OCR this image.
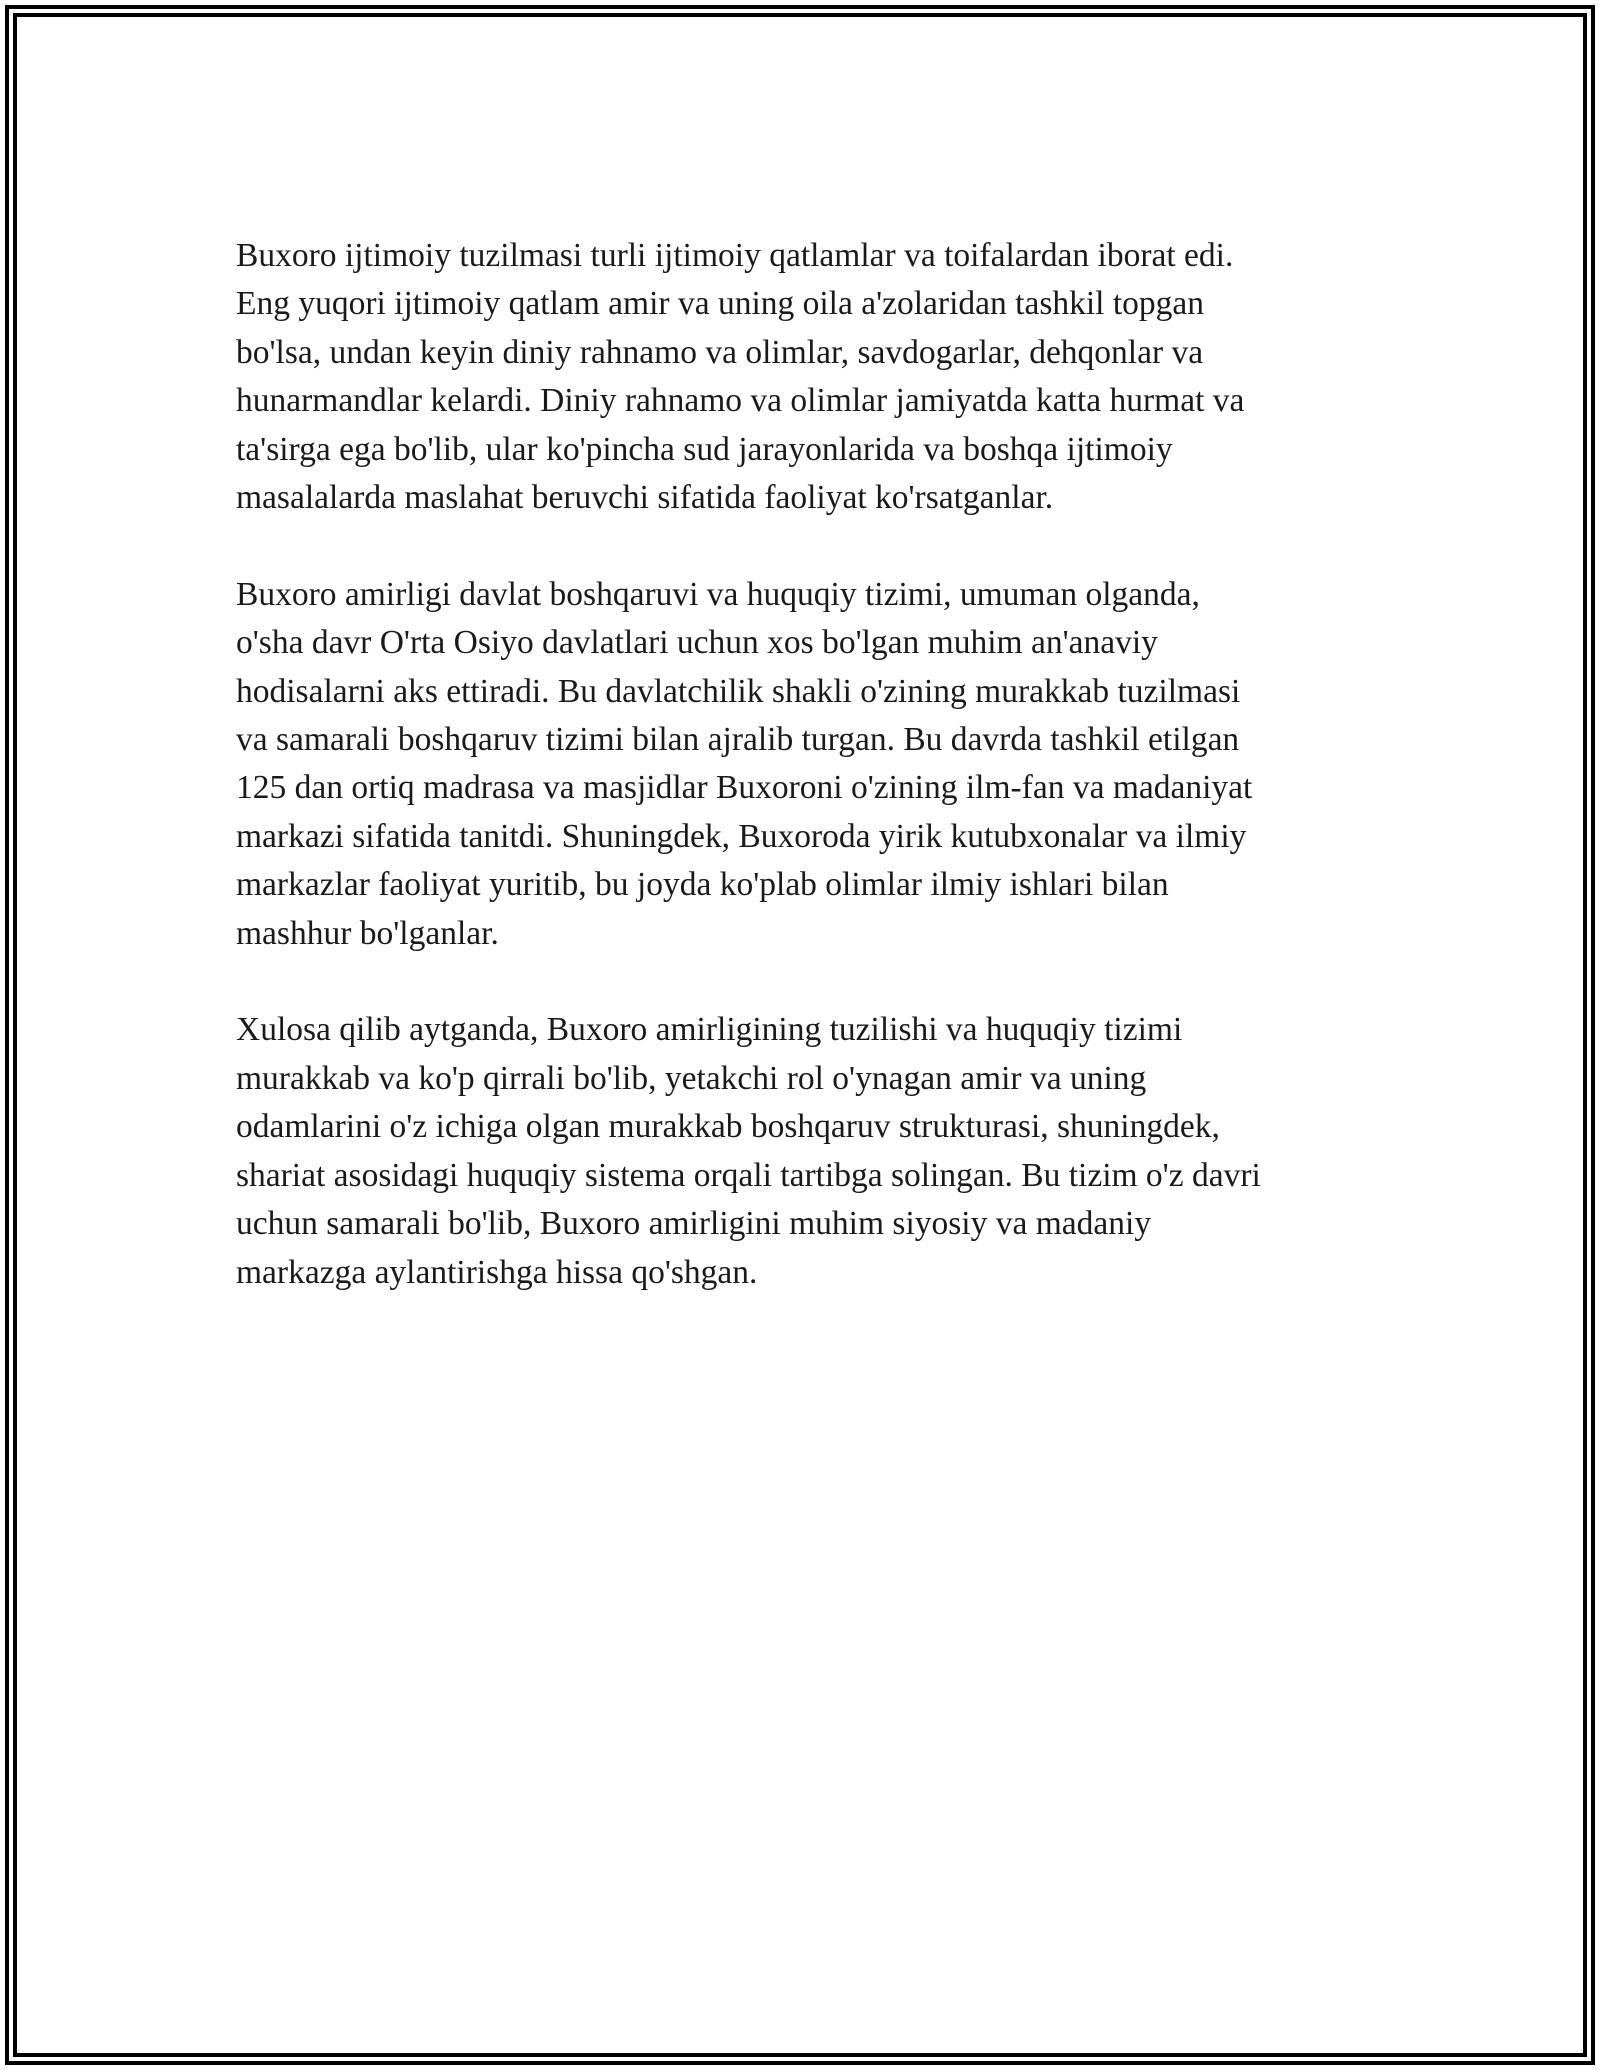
Buxoro ijtimoiy tuzilmasi turli ijtimoiy qatlamlar va toifalardan iborat edi.
Eng yuqori ijtimoiy qatlam amir va uning oila a'zolaridan tashkil topgan
bo'lsa, undan keyin diniy rahnamo va olimlar, savdogarlar, dehqonlar va
hunarmandlar kelardi. Diniy rahnamo va olimlar jamiyatda katta hurmat va
ta'sirga ega bo'lib, ular ko'pincha sud jarayonlarida va boshqa ijtimoiy
masalalarda maslahat beruvchi sifatida faoliyat ko'rsatganlar.

Buxoro amirligi davlat boshqaruvi va huquqiy tizimi, umuman olganda,
o'sha davr O'rta Osiyo davlatlari uchun xos bo'lgan muhim an'anaviy
hodisalarni aks ettiradi. Bu davlatchilik shakli o'zining murakkab tuzilmasi
va samarali boshqaruv tizimi bilan ajralib turgan. Bu davrda tashkil etilgan
125 dan ortiq madrasa va masjidlar Buxoroni o'zining ilm-fan va madaniyat
markazi sifatida tanitdi. Shuningdek, Buxoroda yirik kutubxonalar va ilmiy
markazlar faoliyat yuritib, bu joyda ko'plab olimlar ilmiy ishlari bilan
mashhur bo'lganlar.

Xulosa qilib aytganda, Buxoro amirligining tuzilishi va huquqiy tizimi
murakkab va ko'p qirrali bo'lib, yetakchi rol o'ynagan amir va uning
odamlarini o'z ichiga olgan murakkab boshqaruv strukturasi, shuningdek,
shariat asosidagi huquqiy sistema orqali tartibga solingan. Bu tizim o'z davri
uchun samarali bo'lib, Buxoro amirligini muhim siyosiy va madaniy
markazga aylantirishga hissa qo'shgan.
